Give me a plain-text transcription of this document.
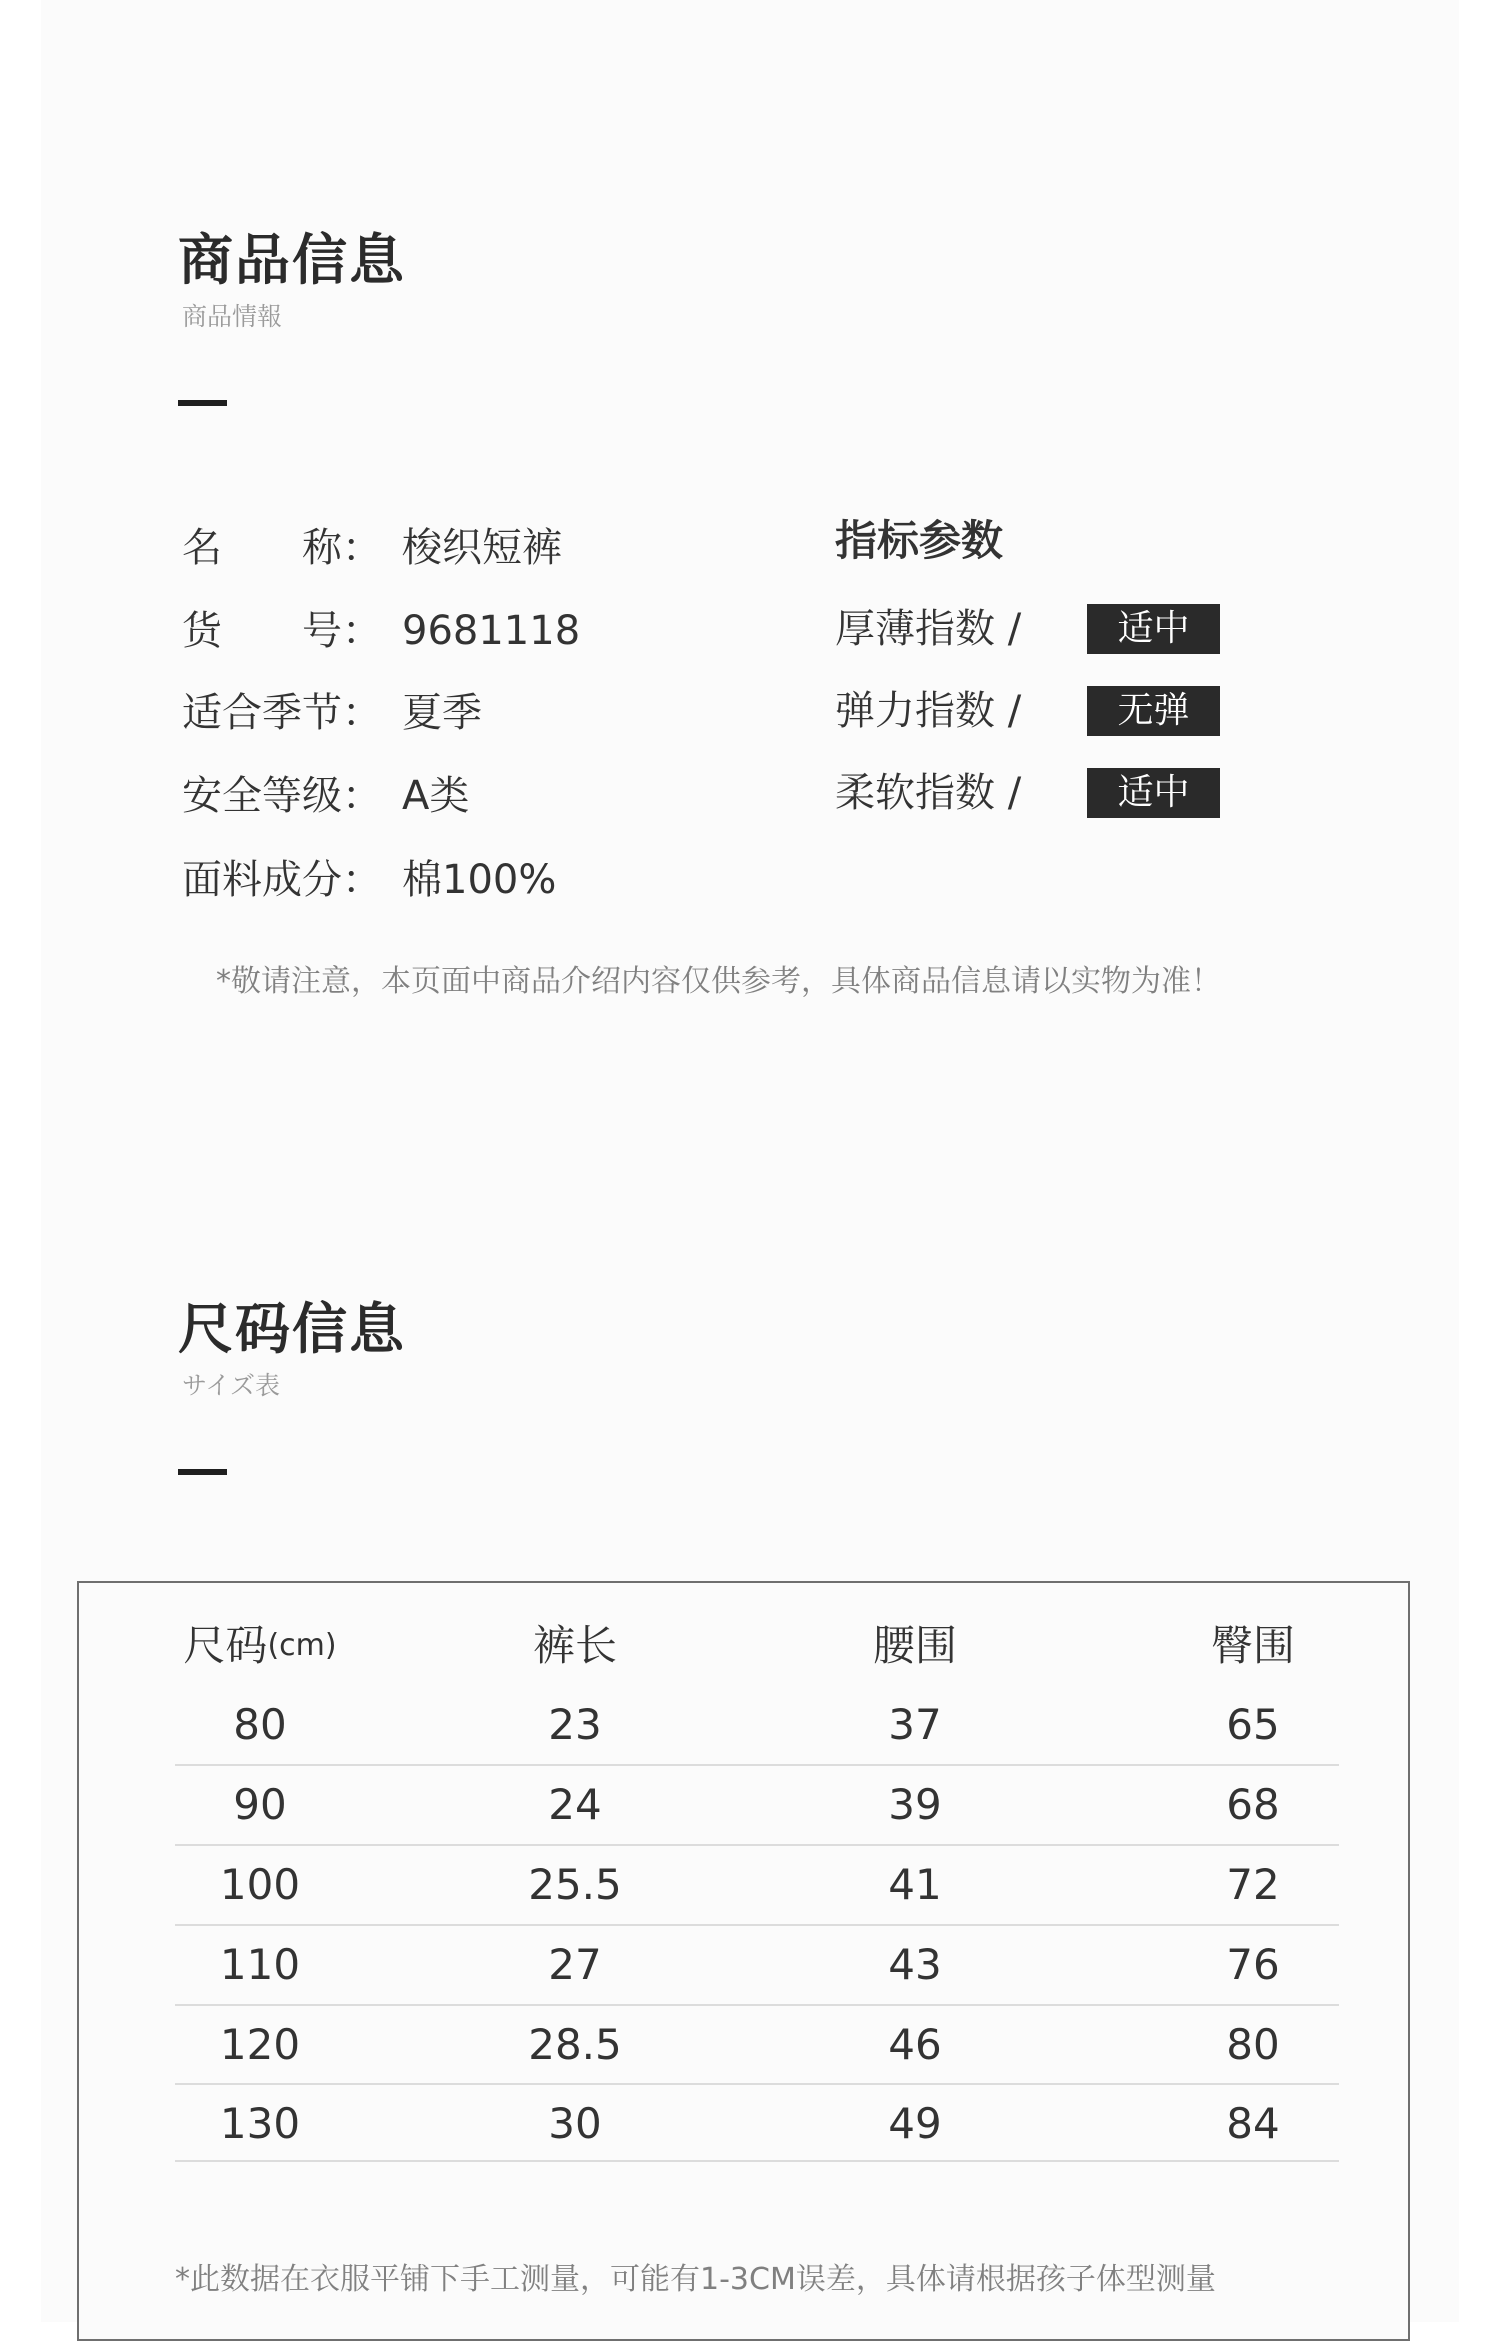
商品信息
商品情報
名　　称： 梭织短裤
货　　号： 9681118
适合季节： 夏季
安全等级： A类
面料成分： 棉100%
指标参数
厚薄指数 /	适中
弹力指数 /	无弹
柔软指数 /	适中
*敬请注意，本页面中商品介绍内容仅供参考，具体商品信息请以实物为准！
尺码信息
サイズ表
尺码 (cm)	裤长	腰围	臀围
80	23	37	65
90	24	39	68
100	25.5	41	72
110	27	43	76
120	28.5	46	80
130	30	49	84
*此数据在衣服平铺下手工测量，可能有1-3CM误差，具体请根据孩子体型测量
